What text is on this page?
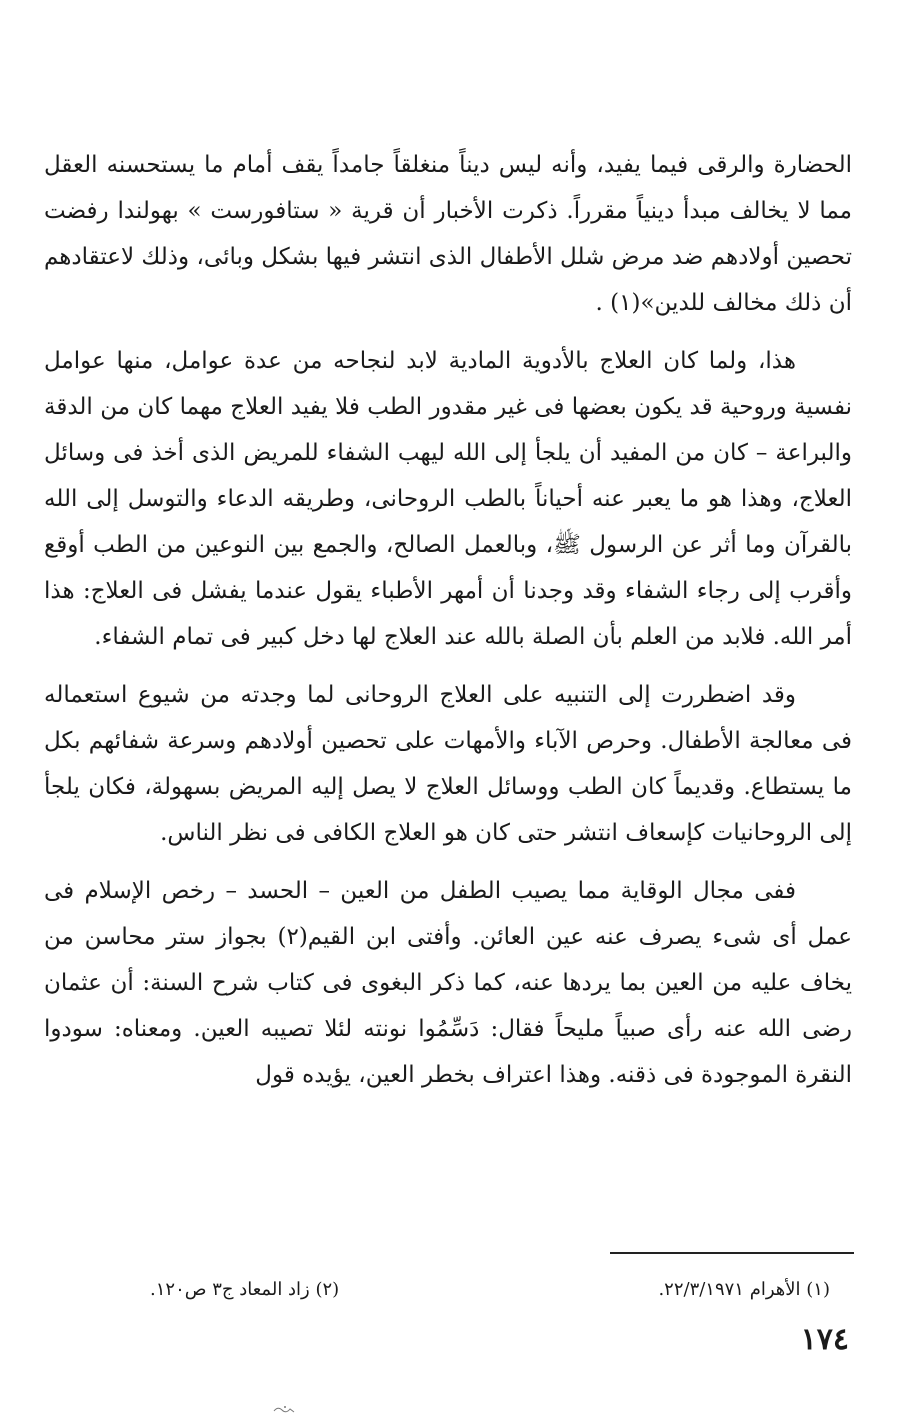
الحضارة والرقى فيما يفيد، وأنه ليس ديناً منغلقاً جامداً يقف أمام ما يستحسنه العقل مما لا يخالف مبدأ دينياً مقرراً. ذكرت الأخبار أن قرية « ستافورست » بهولندا رفضت تحصين أولادهم ضد مرض شلل الأطفال الذى انتشر فيها بشكل وبائى، وذلك لاعتقادهم أن ذلك مخالف للدين»(١) .

هذا، ولما كان العلاج بالأدوية المادية لابد لنجاحه من عدة عوامل، منها عوامل نفسية وروحية قد يكون بعضها فى غير مقدور الطب فلا يفيد العلاج مهما كان من الدقة والبراعة – كان من المفيد أن يلجأ إلى الله ليهب الشفاء للمريض الذى أخذ فى وسائل العلاج، وهذا هو ما يعبر عنه أحياناً بالطب الروحانى، وطريقه الدعاء والتوسل إلى الله بالقرآن وما أثر عن الرسول ﷺ، وبالعمل الصالح، والجمع بين النوعين من الطب أوقع وأقرب إلى رجاء الشفاء وقد وجدنا أن أمهر الأطباء يقول عندما يفشل فى العلاج: هذا أمر الله. فلابد من العلم بأن الصلة بالله عند العلاج لها دخل كبير فى تمام الشفاء.

وقد اضطررت إلى التنبيه على العلاج الروحانى لما وجدته من شيوع استعماله فى معالجة الأطفال. وحرص الآباء والأمهات على تحصين أولادهم وسرعة شفائهم بكل ما يستطاع. وقديماً كان الطب ووسائل العلاج لا يصل إليه المريض بسهولة، فكان يلجأ إلى الروحانيات كإسعاف انتشر حتى كان هو العلاج الكافى فى نظر الناس.

ففى مجال الوقاية مما يصيب الطفل من العين – الحسد – رخص الإسلام فى عمل أى شىء يصرف عنه عين العائن. وأفتى ابن القيم(٢) بجواز ستر محاسن من يخاف عليه من العين بما يردها عنه، كما ذكر البغوى فى كتاب شرح السنة: أن عثمان رضى الله عنه رأى صبياً مليحاً فقال: دَسِّمُوا نونته لئلا تصيبه العين. ومعناه: سودوا النقرة الموجودة فى ذقنه. وهذا اعتراف بخطر العين، يؤيده قول

(١) الأهرام ٢٢/٣/١٩٧١.
(٢) زاد المعاد ج٣ ص١٢٠.
١٧٤
